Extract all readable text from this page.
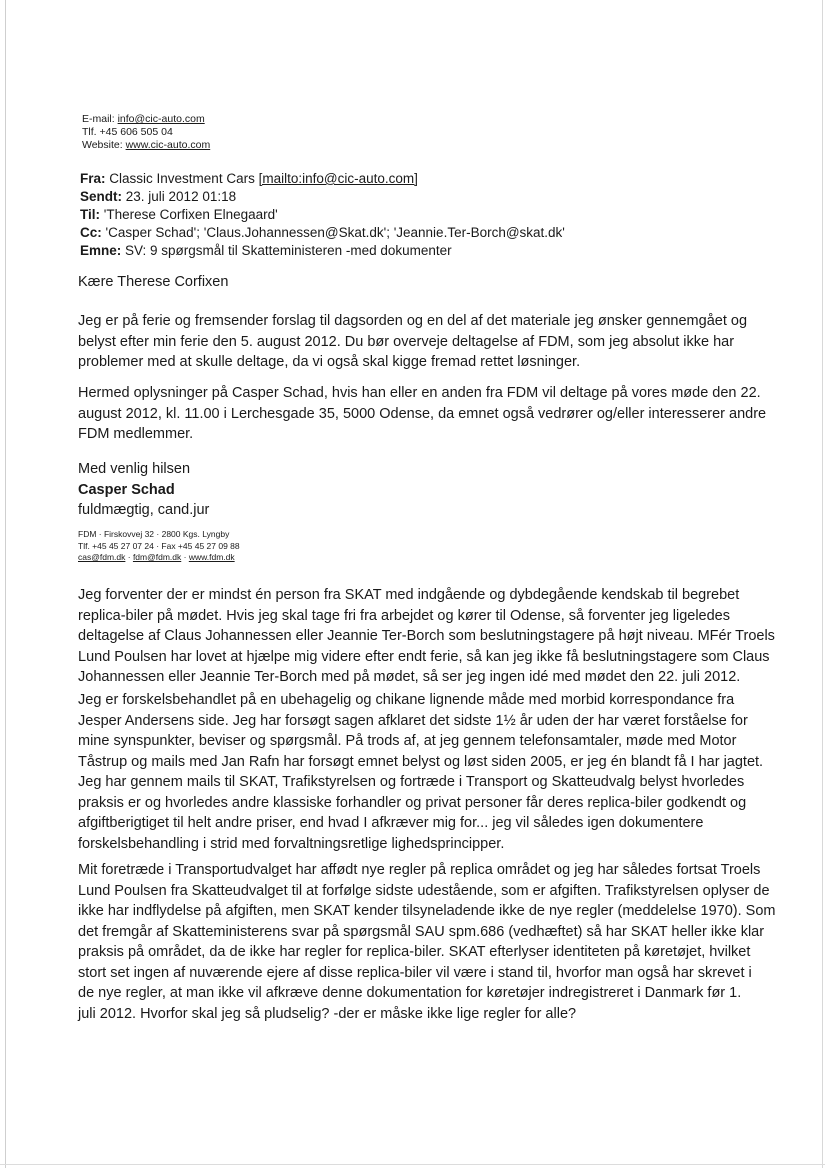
E-mail: info@cic-auto.com
Tlf. +45 606 505 04
Website: www.cic-auto.com
Fra: Classic Investment Cars [mailto:info@cic-auto.com]
Sendt: 23. juli 2012 01:18
Til: 'Therese Corfixen Elnegaard'
Cc: 'Casper Schad'; 'Claus.Johannessen@Skat.dk'; 'Jeannie.Ter-Borch@skat.dk'
Emne: SV: 9 spørgsmål til Skatteministeren -med dokumenter

Kære Therese Corfixen

Jeg er på ferie og fremsender forslag til dagsorden og en del af det materiale jeg ønsker gennemgået og

belyst efter min ferie den 5. august 2012. Du bør overveje deltagelse af FDM, som jeg absolut ikke har

problemer med at skulle deltage, da vi også skal kigge fremad rettet løsninger.

Hermed oplysninger på Casper Schad, hvis han eller en anden fra FDM vil deltage på vores møde den 22.

august 2012, kl. 11.00 i Lerchesgade 35, 5000 Odense, da emnet også vedrører og/eller interesserer andre

FDM medlemmer.

Med venlig hilsen

Casper Schad

fuldmægtig, cand.jur

FDM · Firskovvej 32 · 2800 Kgs. Lyngby
Tlf. +45 45 27 07 24 · Fax +45 45 27 09 88
cas@fdm.dk · fdm@fdm.dk · www.fdm.dk

Jeg forventer der er mindst én person fra SKAT med indgående og dybdegående kendskab til begrebet

replica-biler på mødet. Hvis jeg skal tage fri fra arbejdet og kører til Odense, så forventer jeg ligeledes

deltagelse af Claus Johannessen eller Jeannie Ter-Borch som beslutningstagere på højt niveau. MFér Troels

Lund Poulsen har lovet at hjælpe mig videre efter endt ferie, så kan jeg ikke få beslutningstagere som Claus

Johannessen eller Jeannie Ter-Borch med på mødet, så ser jeg ingen idé med mødet den 22. juli 2012.

Jeg er forskelsbehandlet på en ubehagelig og chikane lignende måde med morbid korrespondance fra

Jesper Andersens side. Jeg har forsøgt sagen afklaret det sidste 1½ år uden der har været forståelse for

mine synspunkter, beviser og spørgsmål. På trods af, at jeg gennem telefonsamtaler, møde med Motor

Tåstrup og mails med Jan Rafn har forsøgt emnet belyst og løst siden 2005, er jeg én blandt få I har jagtet.

Jeg har gennem mails til SKAT, Trafikstyrelsen og fortræde i Transport og Skatteudvalg belyst hvorledes

praksis er og hvorledes andre klassiske forhandler og privat personer får deres replica-biler godkendt og

afgiftberigtiget til helt andre priser, end hvad I afkræver mig for... jeg vil således igen dokumentere

forskelsbehandling i strid med forvaltningsretlige lighedsprincipper.

Mit foretræde i Transportudvalget har affødt nye regler på replica området og jeg har således fortsat Troels

Lund Poulsen fra Skatteudvalget til at forfølge sidste udestående, som er afgiften. Trafikstyrelsen oplyser de

ikke har indflydelse på afgiften, men SKAT kender tilsyneladende ikke de nye regler (meddelelse 1970). Som

det fremgår af Skatteministerens svar på spørgsmål SAU spm.686 (vedhæftet) så har SKAT heller ikke klar

praksis på området, da de ikke har regler for replica-biler. SKAT efterlyser identiteten på køretøjet, hvilket

stort set ingen af nuværende ejere af disse replica-biler vil være i stand til, hvorfor man også har skrevet i

de nye regler, at man ikke vil afkræve denne dokumentation for køretøjer indregistreret i Danmark før 1.

juli 2012. Hvorfor skal jeg så pludselig? -der er måske ikke lige regler for alle?
